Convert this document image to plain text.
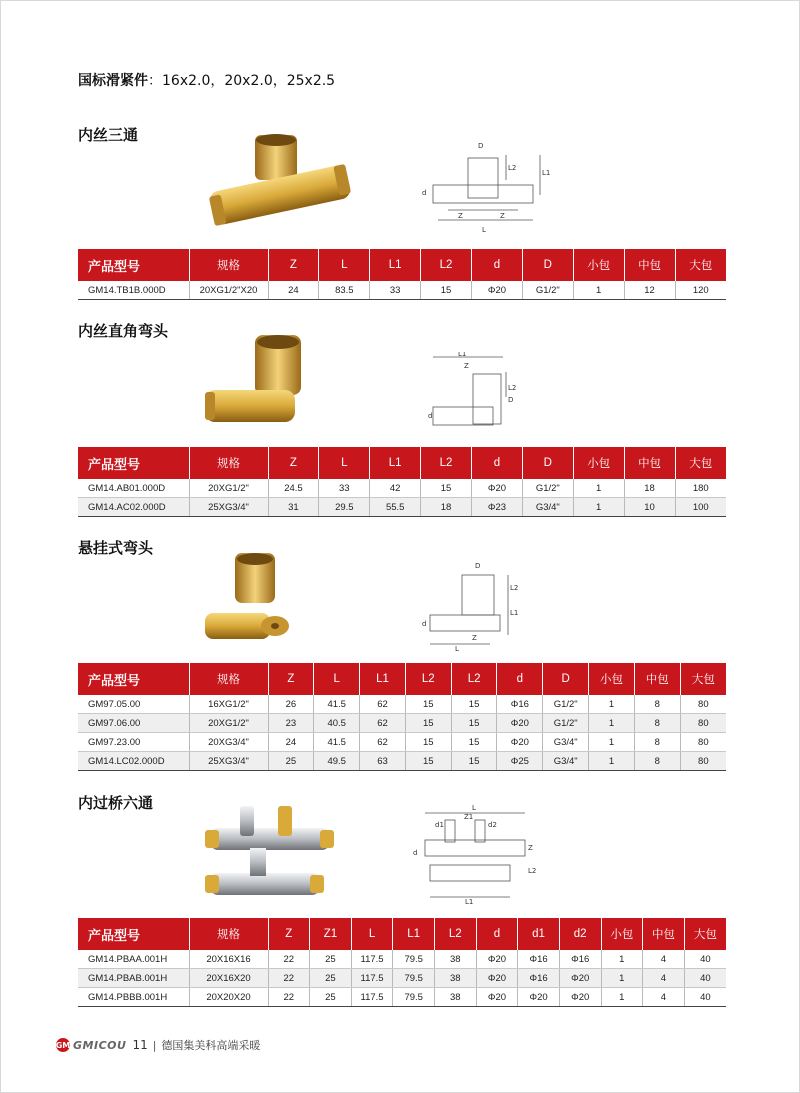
国标滑紧件：16x2.0，20x2.0，25x2.5
内丝三通
D
L1
L2
d
Z	Z
L
产品型号	规格	Z	L	L1	L2	d	D	小包	中包	大包
GM14.TB1B.000D	20XG1/2"X20	24	83.5	33	15	Φ20	G1/2"	1	12	120
内丝直角弯头
L1
Z
L2
D
d
产品型号	规格	Z	L	L1	L2	d	D	小包	中包	大包
GM14.AB01.000D	20XG1/2"	24.5	33	42	15	Φ20	G1/2"	1	18	180
GM14.AC02.000D	25XG3/4"	31	29.5	55.5	18	Φ23	G3/4"	1	10	100
悬挂式弯头
D
L2
L1
d
L
Z
产品型号	规格	Z	L	L1	L2	L2	d	D	小包	中包	大包
GM97.05.00	16XG1/2"	26	41.5	62	15	15	Φ16	G1/2"	1	8	80
GM97.06.00	20XG1/2"	23	40.5	62	15	15	Φ20	G1/2"	1	8	80
GM97.23.00	20XG3/4"	24	41.5	62	15	15	Φ20	G3/4"	1	8	80
GM14.LC02.000D	25XG3/4"	25	49.5	63	15	15	Φ25	G3/4"	1	8	80
内过桥六通	L
Z1
d1	d2
Z
L2
L1
d
产品型号	规格	Z	Z1	L	L1	L2	d	d1	d2	小包	中包	大包
GM14.PBAA.001H	20X16X16	22	25	117.5	79.5	38	Φ20	Φ16	Φ16	1	4	40
GM14.PBAB.001H	20X16X20	22	25	117.5	79.5	38	Φ20	Φ16	Φ20	1	4	40
GM14.PBBB.001H	20X20X20	22	25	117.5	79.5	38	Φ20	Φ20	Φ20	1	4	40
GM GMICOU 11 | 德国集美科高端采暖
